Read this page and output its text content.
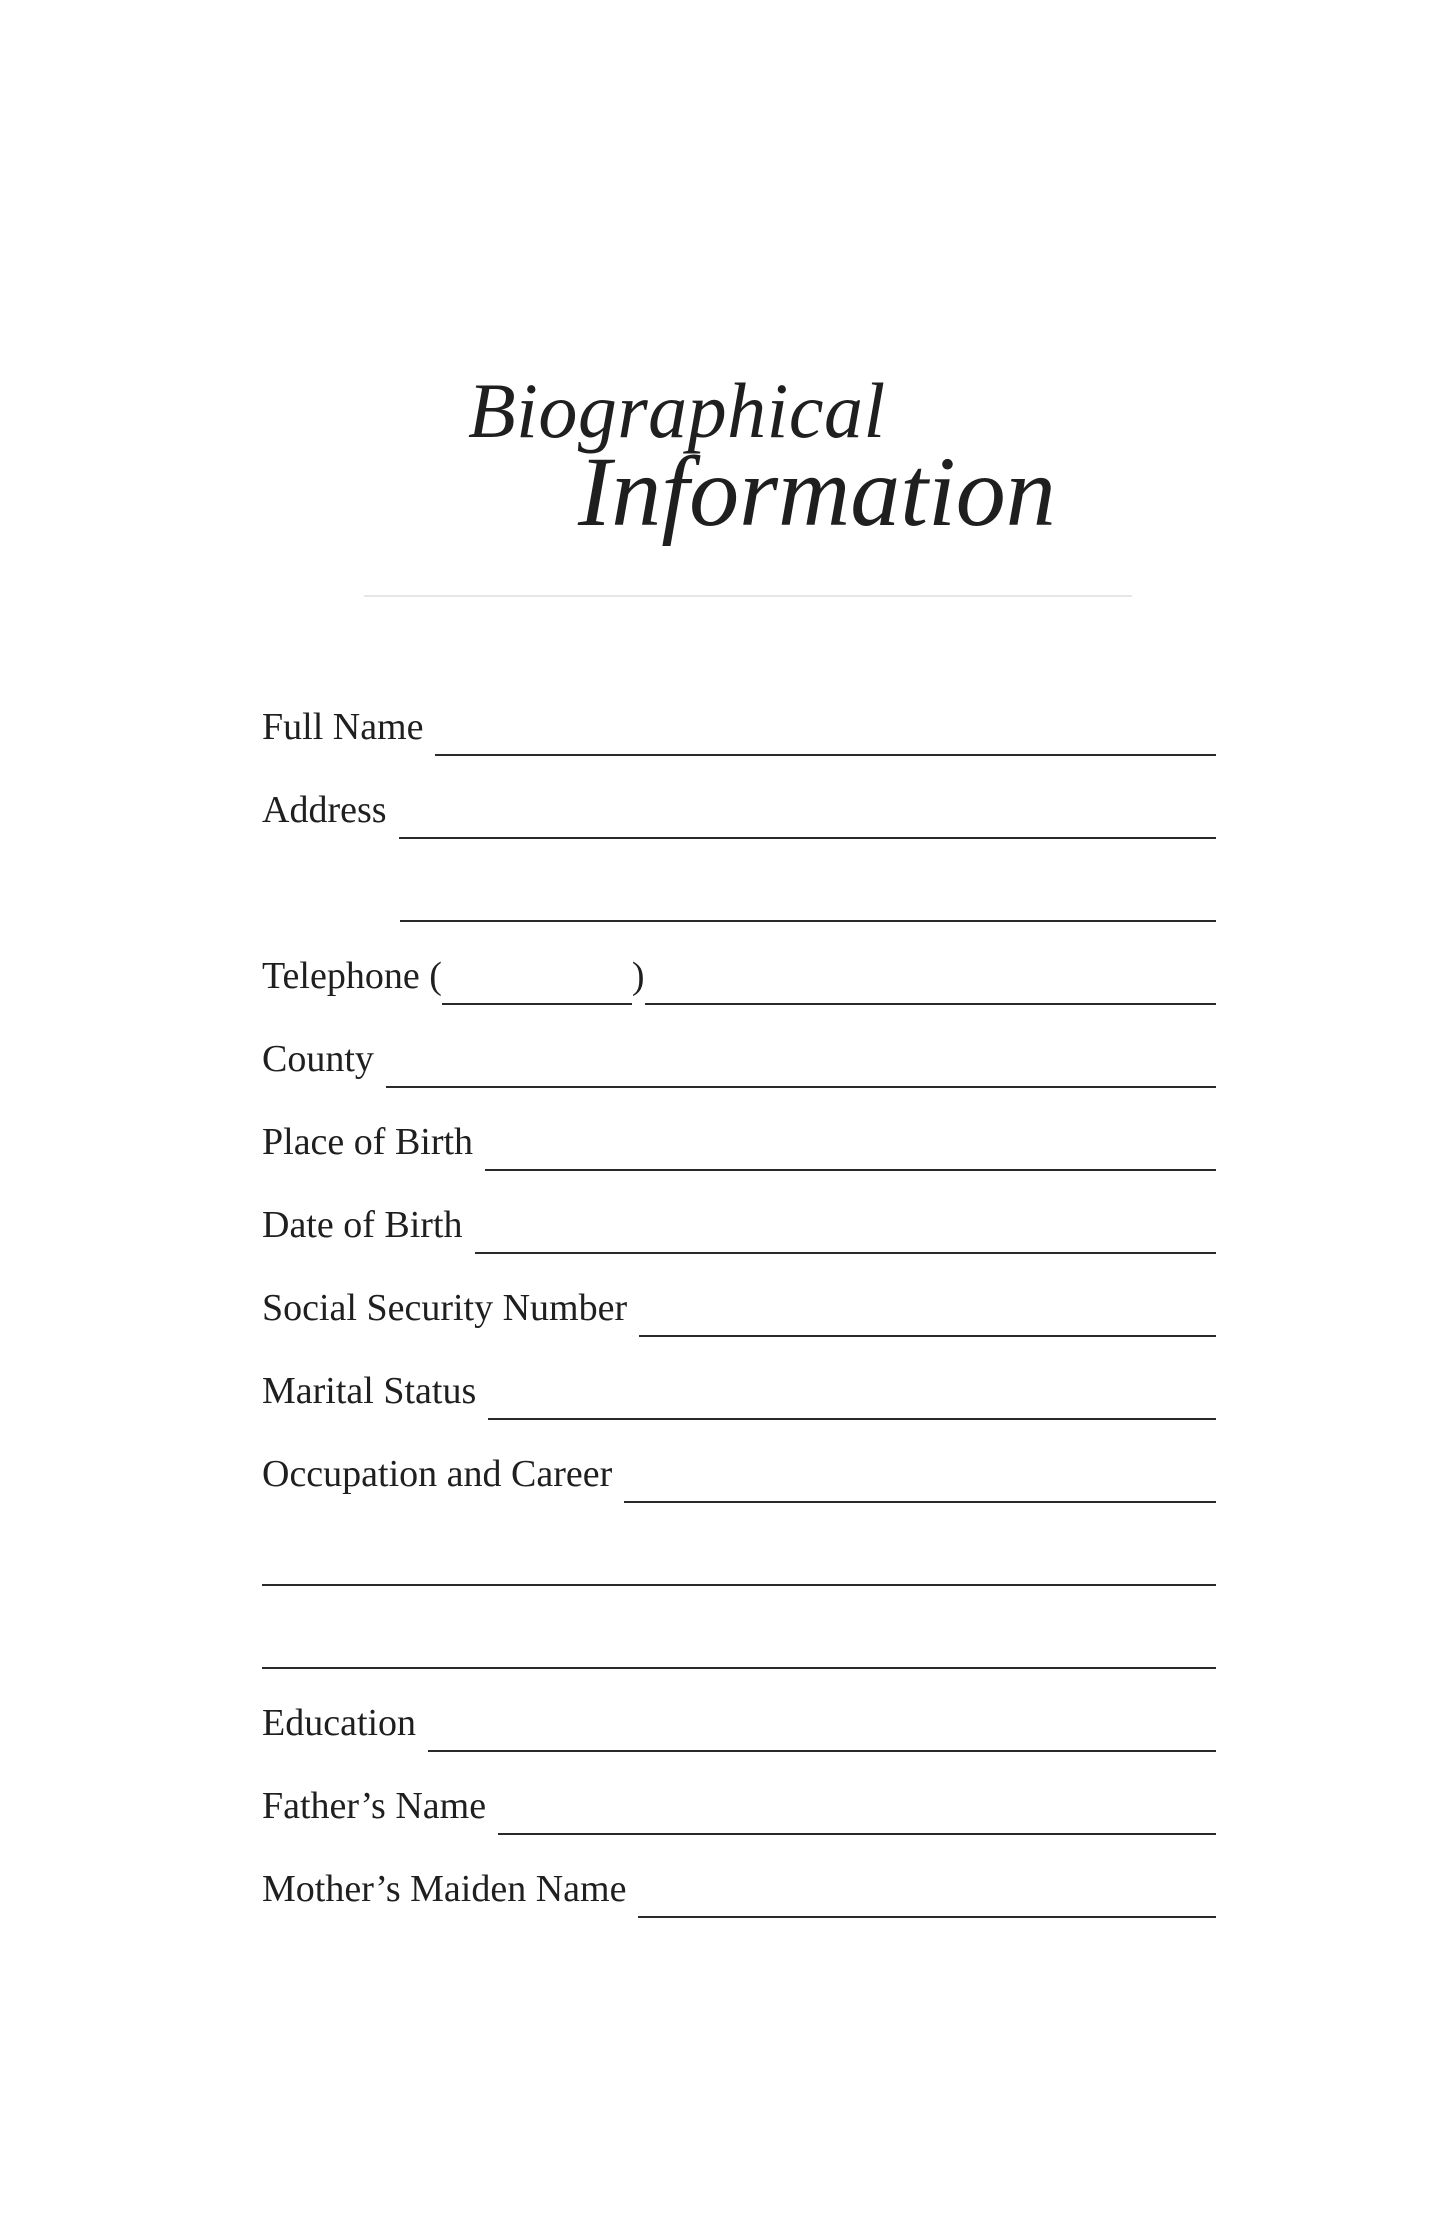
Biographical
Information
Full Name
Address
Telephone (	)
County
Place of Birth
Date of Birth
Social Security Number
Marital Status
Occupation and Career
Education
Father’s Name
Mother’s Maiden Name
